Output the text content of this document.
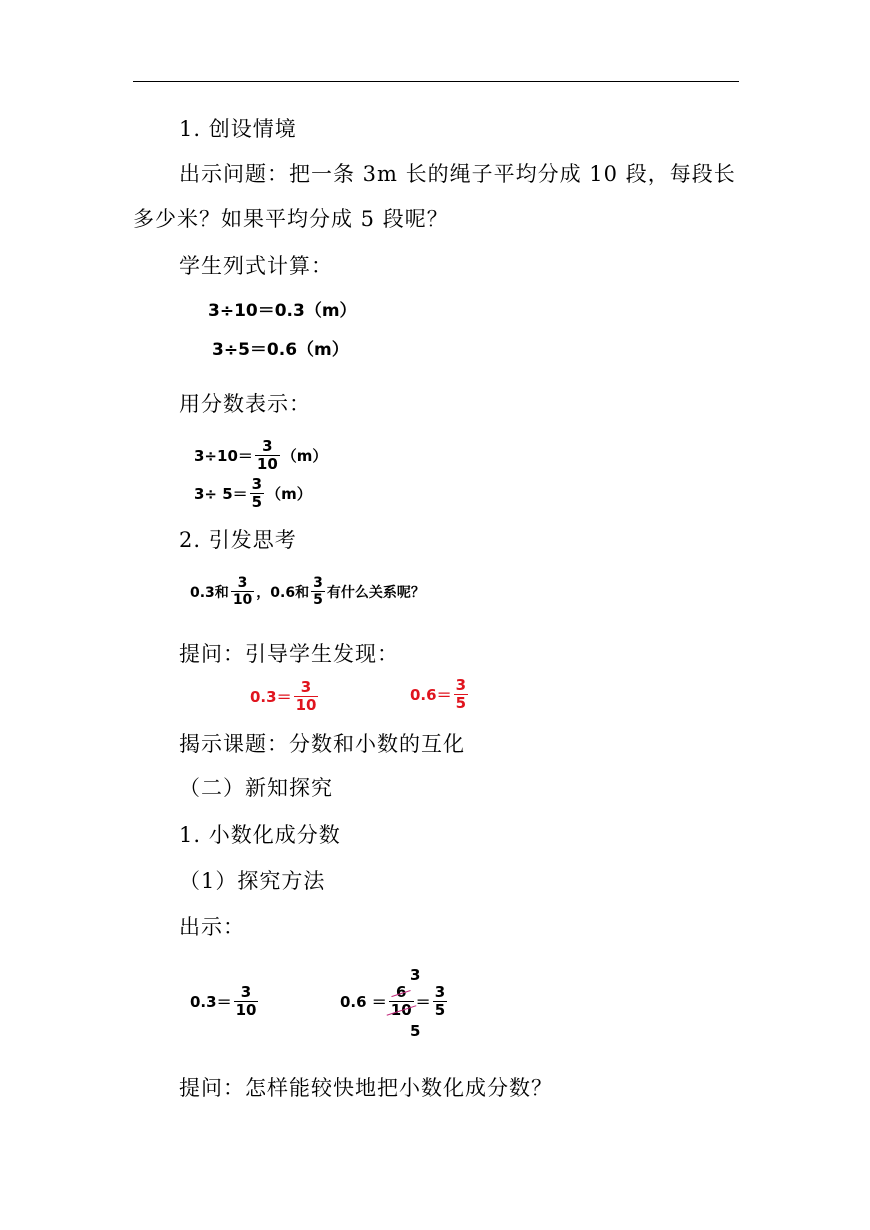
1. 创设情境
出示问题：把一条 3m 长的绳子平均分成 10 段，每段长
多少米？如果平均分成 5 段呢？
学生列式计算：
3÷10＝0.3（m）
3÷5＝0.6（m）
用分数表示：
$3\div 10= \frac{3}{10} (m)$
$3\div 5= \frac{3}{5} (m)$
2. 引发思考
0.3和 $\frac{3}{10}$ ，0.6和 $\frac{3}{5}$ 有什么关系呢？
提问：引导学生发现：
$0.3= \frac{3}{10}$	$0.6= \frac{3}{5}$
揭示课题：分数和小数的互化
（二）新知探究
1. 小数化成分数
（1）探究方法
出示：
$0.3= \frac{3}{10}$
3
5
$0.6 = \frac{6}{10} = \frac{3}{5}$
提问：怎样能较快地把小数化成分数？
